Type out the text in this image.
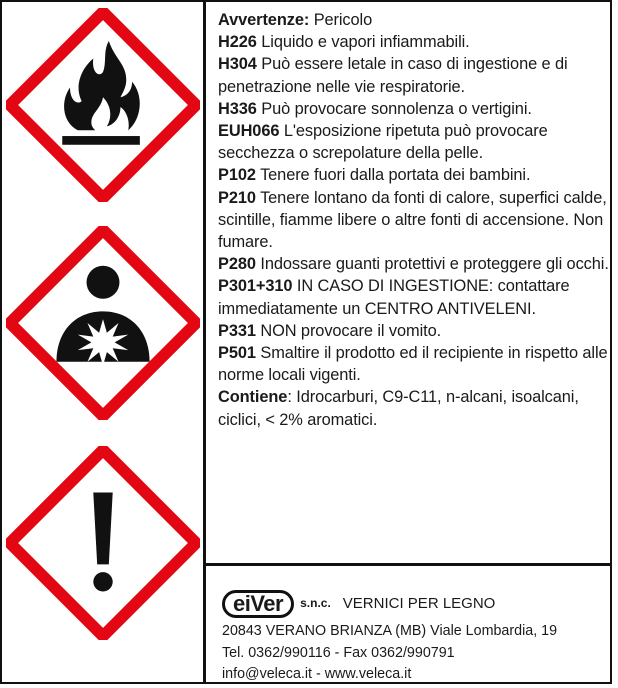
Avvertenze: Pericolo

H226 Liquido e vapori infiammabili.

H304 Può essere letale in caso di ingestione e di penetrazione nelle vie respiratorie.

H336 Può provocare sonnolenza o vertigini.

EUH066 L'esposizione ripetuta può provocare secchezza o screpolature della pelle.

P102 Tenere fuori dalla portata dei bambini.

P210 Tenere lontano da fonti di calore, superfici calde, scintille, fiamme libere o altre fonti di accensione. Non fumare.

P280 Indossare guanti protettivi e proteggere gli occhi.

P301+310 IN CASO DI INGESTIONE: contattare immediatamente un CENTRO ANTIVELENI.

P331 NON provocare il vomito.

P501 Smaltire il prodotto ed il recipiente in rispetto alle norme locali vigenti.

Contiene: Idrocarburi, C9-C11, n-alcani, isoalcani, ciclici, < 2% aromatici.

eiVer	s.n.c. VERNICI PER LEGNO

20843 VERANO BRIANZA (MB) Viale Lombardia, 19

Tel. 0362/990116 - Fax 0362/990791

info@veleca.it - www.veleca.it
